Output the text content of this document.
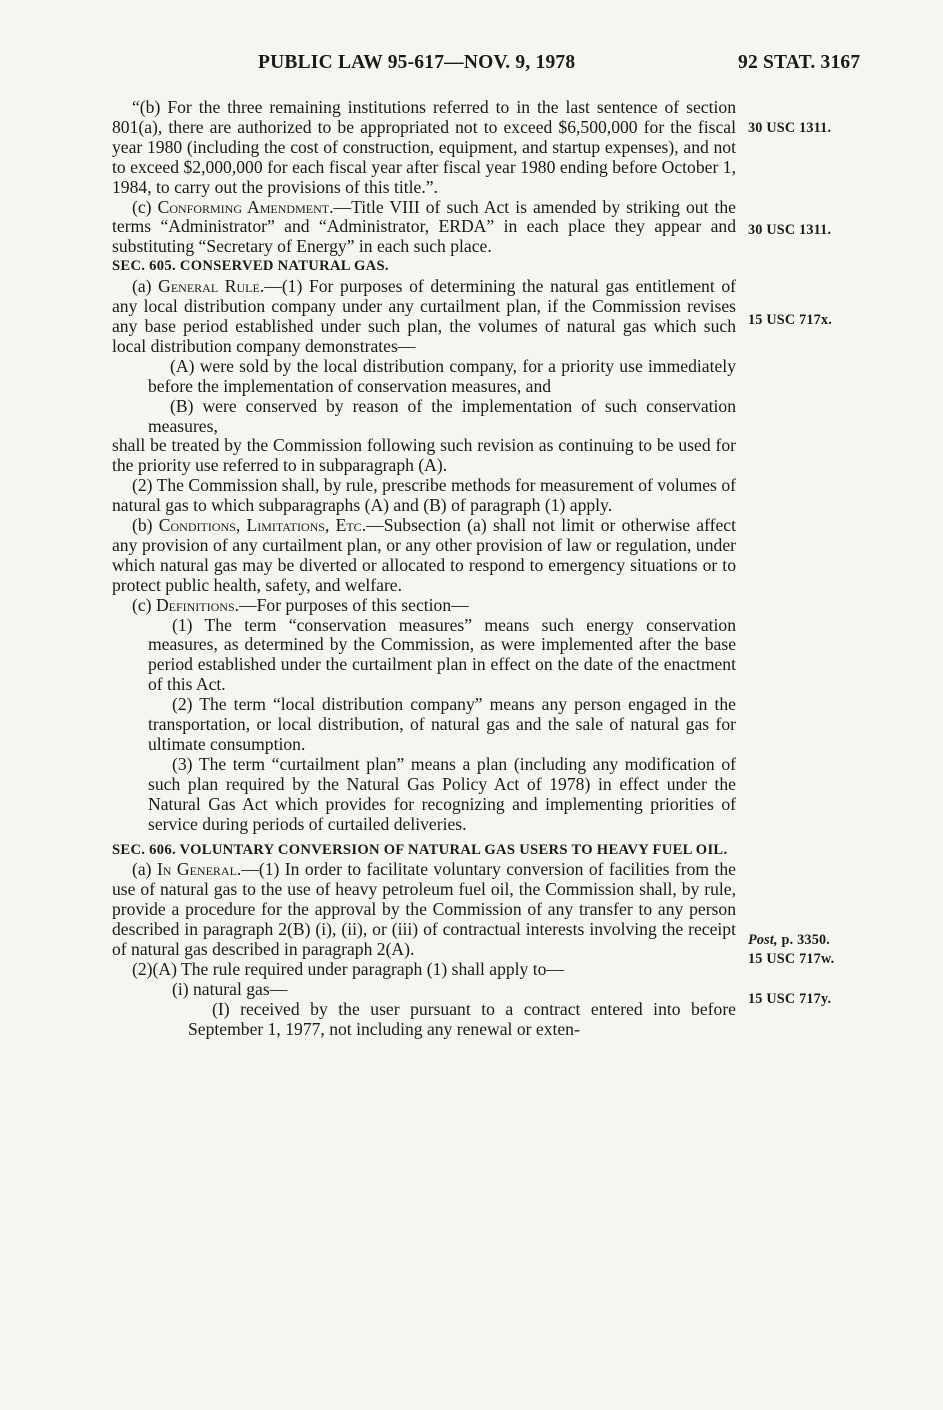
PUBLIC LAW 95-617—NOV. 9, 1978	92 STAT. 3167
30 USC 1311.
30 USC 1311.
15 USC 717x.
Post, p. 3350.
15 USC 717w.
15 USC 717y.

“(b) For the three remaining institutions referred to in the last sentence of section 801(a), there are authorized to be appropriated not to exceed $6,500,000 for the fiscal year 1980 (including the cost of construction, equipment, and startup expenses), and not to exceed $2,000,000 for each fiscal year after fiscal year 1980 ending before October 1, 1984, to carry out the provisions of this title.”.

(c) Conforming Amendment.—Title VIII of such Act is amended by striking out the terms “Administrator” and “Administrator, ERDA” in each place they appear and substituting “Secretary of Energy” in each such place.

SEC. 605. CONSERVED NATURAL GAS.

(a) General Rule.—(1) For purposes of determining the natural gas entitlement of any local distribution company under any curtailment plan, if the Commission revises any base period established under such plan, the volumes of natural gas which such local distribution company demonstrates—

(A) were sold by the local distribution company, for a priority use immediately before the implementation of conservation measures, and

(B) were conserved by reason of the implementation of such conservation measures,

shall be treated by the Commission following such revision as continuing to be used for the priority use referred to in subparagraph (A).

(2) The Commission shall, by rule, prescribe methods for measurement of volumes of natural gas to which subparagraphs (A) and (B) of paragraph (1) apply.

(b) Conditions, Limitations, Etc.—Subsection (a) shall not limit or otherwise affect any provision of any curtailment plan, or any other provision of law or regulation, under which natural gas may be diverted or allocated to respond to emergency situations or to protect public health, safety, and welfare.

(c) Definitions.—For purposes of this section—

(1) The term “conservation measures” means such energy conservation measures, as determined by the Commission, as were implemented after the base period established under the curtailment plan in effect on the date of the enactment of this Act.

(2) The term “local distribution company” means any person engaged in the transportation, or local distribution, of natural gas and the sale of natural gas for ultimate consumption.

(3) The term “curtailment plan” means a plan (including any modification of such plan required by the Natural Gas Policy Act of 1978) in effect under the Natural Gas Act which provides for recognizing and implementing priorities of service during periods of curtailed deliveries.

SEC. 606. VOLUNTARY CONVERSION OF NATURAL GAS USERS TO HEAVY FUEL OIL.

(a) In General.—(1) In order to facilitate voluntary conversion of facilities from the use of natural gas to the use of heavy petroleum fuel oil, the Commission shall, by rule, provide a procedure for the approval by the Commission of any transfer to any person described in paragraph 2(B) (i), (ii), or (iii) of contractual interests involving the receipt of natural gas described in paragraph 2(A).

(2)(A) The rule required under paragraph (1) shall apply to—

(i) natural gas—

(I) received by the user pursuant to a contract entered into before September 1, 1977, not including any renewal or exten-
